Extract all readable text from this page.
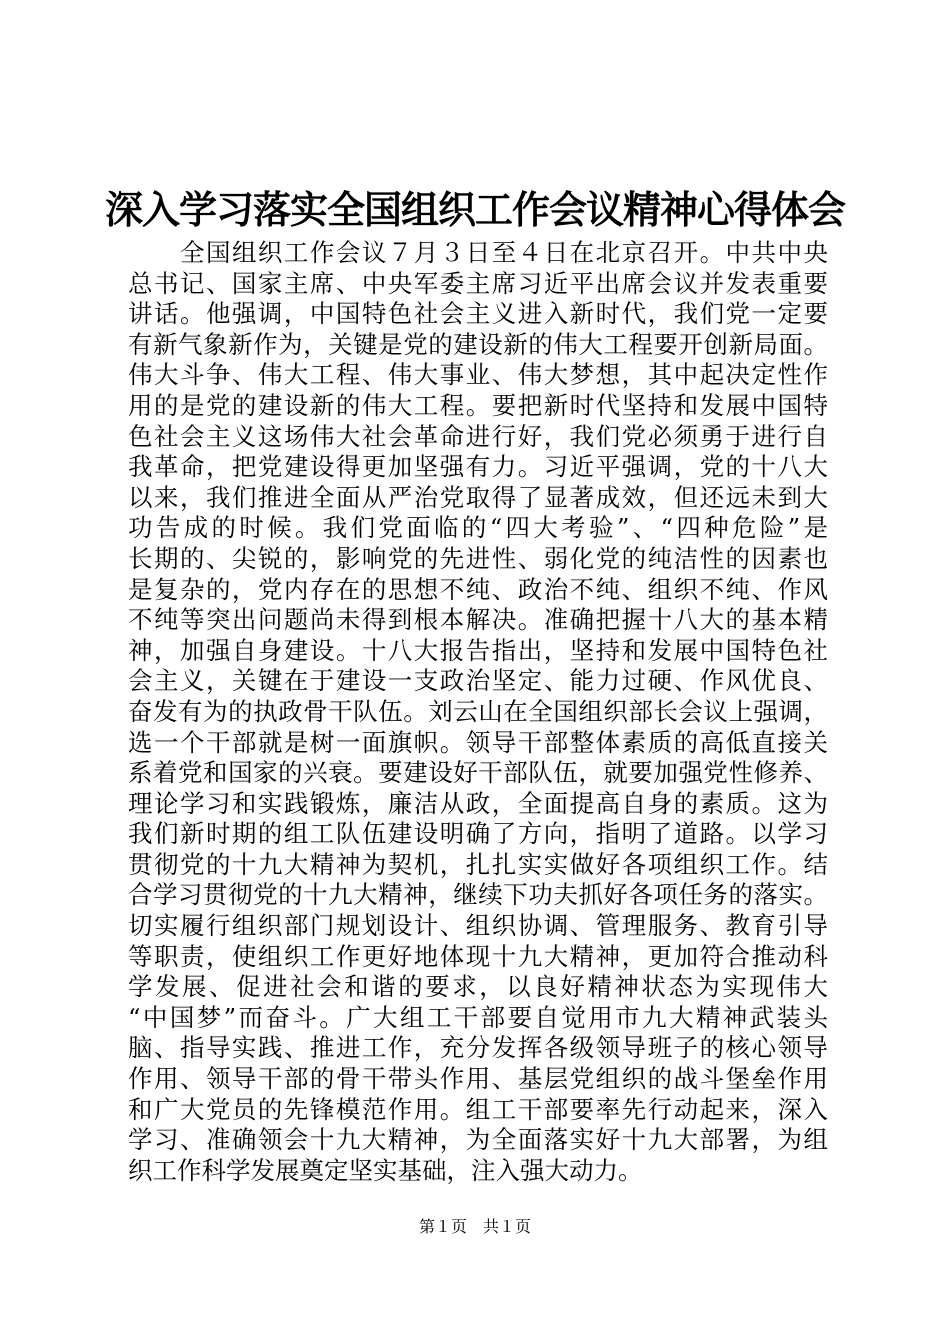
深入学习落实全国组织工作会议精神心得体会
全国组织工作会议７月３日至４日在北京召开。中共中央
总书记、国家主席、中央军委主席习近平出席会议并发表重要
讲话。他强调，中国特色社会主义进入新时代，我们党一定要
有新气象新作为，关键是党的建设新的伟大工程要开创新局面。
伟大斗争、伟大工程、伟大事业、伟大梦想，其中起决定性作
用的是党的建设新的伟大工程。要把新时代坚持和发展中国特
色社会主义这场伟大社会革命进行好，我们党必须勇于进行自
我革命，把党建设得更加坚强有力。习近平强调，党的十八大
以来，我们推进全面从严治党取得了显著成效，但还远未到大
功告成的时候。我们党面临的“四大考验”、“四种危险”是
长期的、尖锐的，影响党的先进性、弱化党的纯洁性的因素也
是复杂的，党内存在的思想不纯、政治不纯、组织不纯、作风
不纯等突出问题尚未得到根本解决。准确把握十八大的基本精
神，加强自身建设。十八大报告指出，坚持和发展中国特色社
会主义，关键在于建设一支政治坚定、能力过硬、作风优良、
奋发有为的执政骨干队伍。刘云山在全国组织部长会议上强调，
选一个干部就是树一面旗帜。领导干部整体素质的高低直接关
系着党和国家的兴衰。要建设好干部队伍，就要加强党性修养、
理论学习和实践锻炼，廉洁从政，全面提高自身的素质。这为
我们新时期的组工队伍建设明确了方向，指明了道路。以学习
贯彻党的十九大精神为契机，扎扎实实做好各项组织工作。结
合学习贯彻党的十九大精神，继续下功夫抓好各项任务的落实。
切实履行组织部门规划设计、组织协调、管理服务、教育引导
等职责，使组织工作更好地体现十九大精神，更加符合推动科
学发展、促进社会和谐的要求，以良好精神状态为实现伟大
“中国梦”而奋斗。广大组工干部要自觉用市九大精神武装头
脑、指导实践、推进工作，充分发挥各级领导班子的核心领导
作用、领导干部的骨干带头作用、基层党组织的战斗堡垒作用
和广大党员的先锋模范作用。组工干部要率先行动起来，深入
学习、准确领会十九大精神，为全面落实好十九大部署，为组
织工作科学发展奠定坚实基础，注入强大动力。
第１页　共１页
